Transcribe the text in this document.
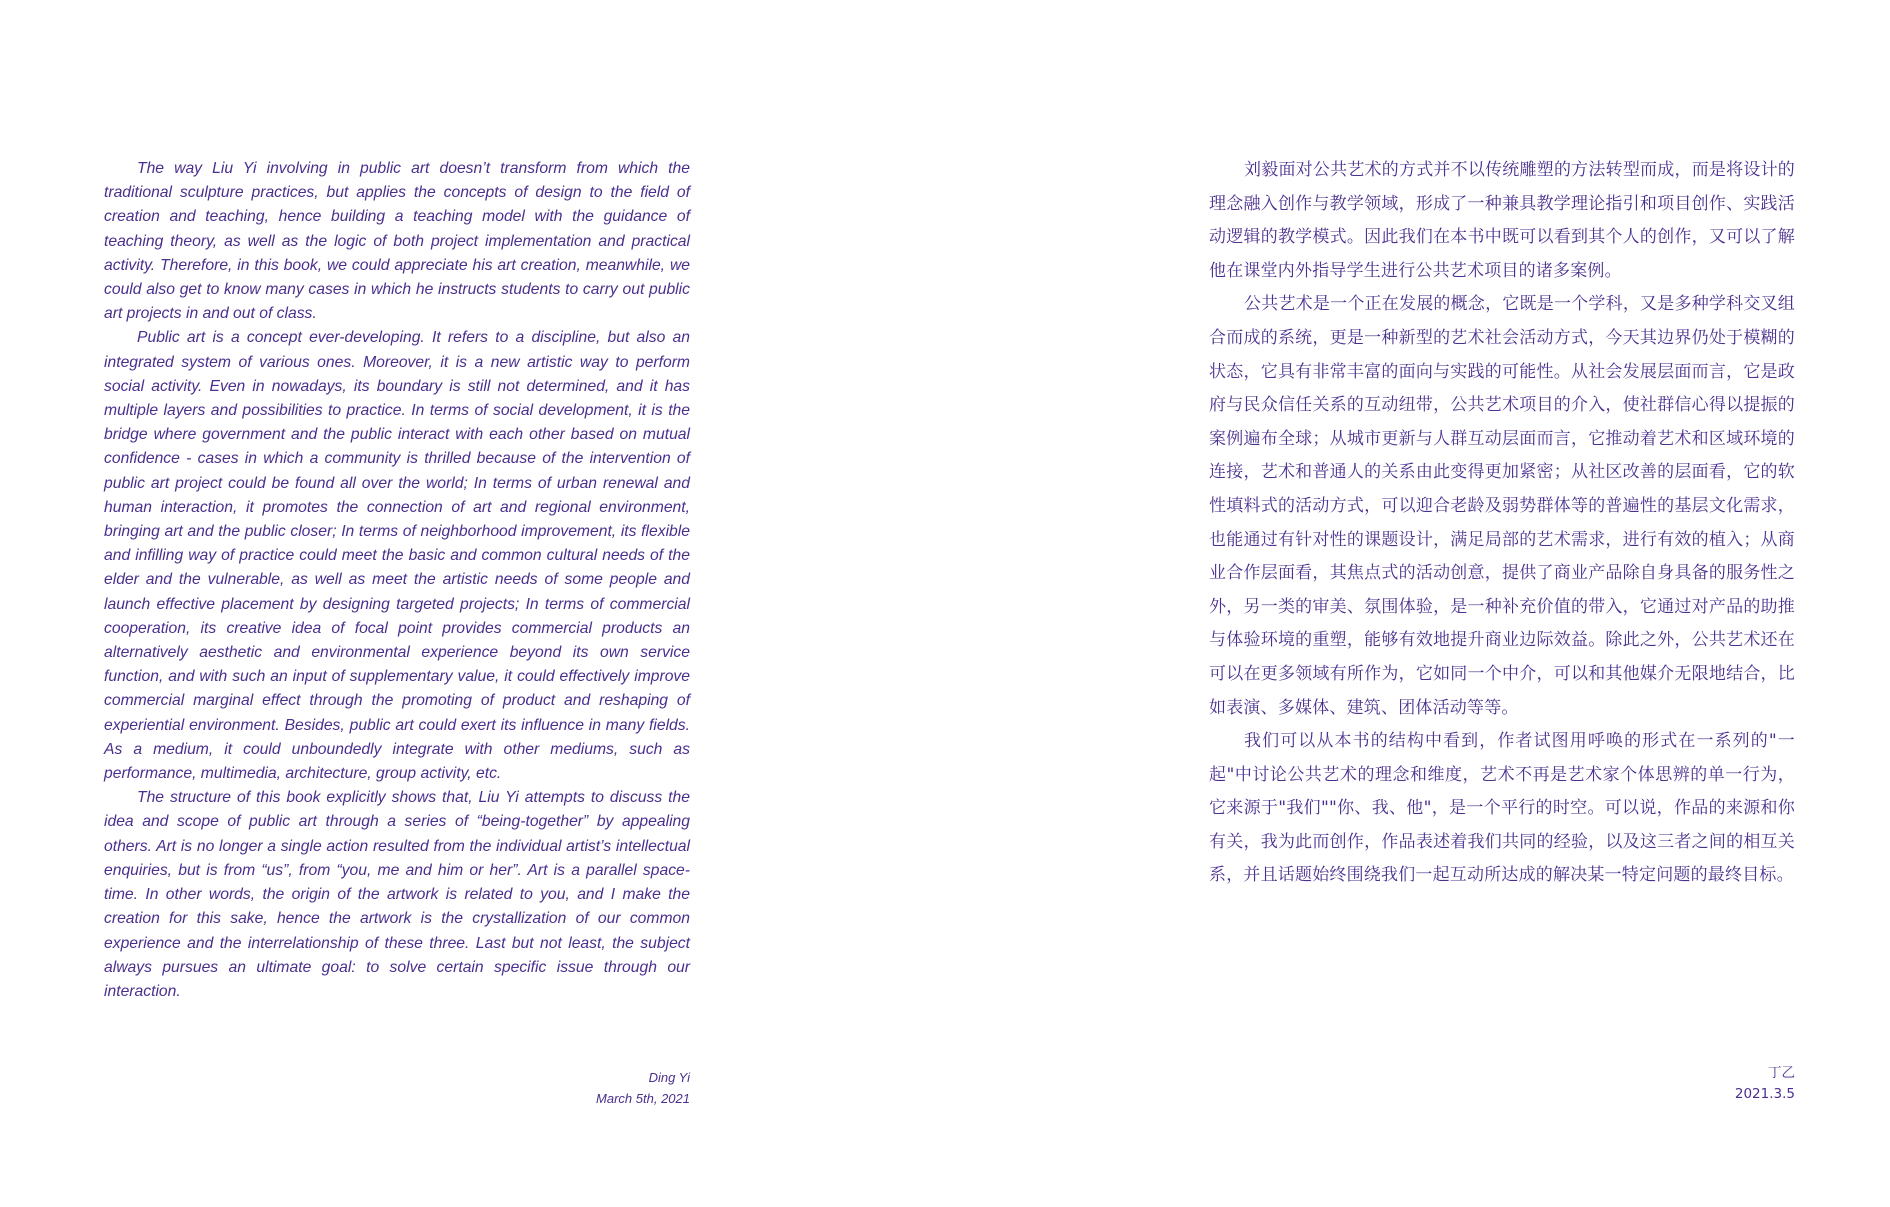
The way Liu Yi involving in public art doesn’t transform from which the traditional sculpture practices, but applies the concepts of design to the field of creation and teaching, hence building a teaching model with the guidance of teaching theory, as well as the logic of both project implementation and practical activity. Therefore, in this book, we could appreciate his art creation, meanwhile, we could also get to know many cases in which he instructs students to carry out public art projects in and out of class.

Public art is a concept ever-developing. It refers to a discipline, but also an integrated system of various ones. Moreover, it is a new artistic way to perform social activity. Even in nowadays, its boundary is still not determined, and it has multiple layers and possibilities to practice. In terms of social development, it is the bridge where government and the public interact with each other based on mutual confidence - cases in which a community is thrilled because of the intervention of public art project could be found all over the world; In terms of urban renewal and human interaction, it promotes the connection of art and regional environment, bringing art and the public closer; In terms of neighborhood improvement, its flexible and infilling way of practice could meet the basic and common cultural needs of the elder and the vulnerable, as well as meet the artistic needs of some people and launch effective placement by designing targeted projects; In terms of commercial cooperation, its creative idea of focal point provides commercial products an alternatively aesthetic and environmental experience beyond its own service function, and with such an input of supplementary value, it could effectively improve commercial marginal effect through the promoting of product and reshaping of experiential environment. Besides, public art could exert its influence in many fields. As a medium, it could unboundedly integrate with other mediums, such as performance, multimedia, architecture, group activity, etc.

The structure of this book explicitly shows that, Liu Yi attempts to discuss the idea and scope of public art through a series of “being-together” by appealing others. Art is no longer a single action resulted from the individual artist’s intellectual enquiries, but is from “us”, from “you, me and him or her”. Art is a parallel space-time. In other words, the origin of the artwork is related to you, and I make the creation for this sake, hence the artwork is the crystallization of our common experience and the interrelationship of these three. Last but not least, the subject always pursues an ultimate goal: to solve certain specific issue through our interaction.

Ding Yi
March 5th, 2021

刘毅面对公共艺术的方式并不以传统雕塑的方法转型而成，而是将设计的理念融入创作与教学领域，形成了一种兼具教学理论指引和项目创作、实践活动逻辑的教学模式。因此我们在本书中既可以看到其个人的创作，又可以了解他在课堂内外指导学生进行公共艺术项目的诸多案例。

公共艺术是一个正在发展的概念，它既是一个学科，又是多种学科交叉组合而成的系统，更是一种新型的艺术社会活动方式，今天其边界仍处于模糊的状态，它具有非常丰富的面向与实践的可能性。从社会发展层面而言，它是政府与民众信任关系的互动纽带，公共艺术项目的介入，使社群信心得以提振的案例遍布全球；从城市更新与人群互动层面而言，它推动着艺术和区域环境的连接，艺术和普通人的关系由此变得更加紧密；从社区改善的层面看，它的软性填料式的活动方式，可以迎合老龄及弱势群体等的普遍性的基层文化需求，也能通过有针对性的课题设计，满足局部的艺术需求，进行有效的植入；从商业合作层面看，其焦点式的活动创意，提供了商业产品除自身具备的服务性之外，另一类的审美、氛围体验，是一种补充价值的带入，它通过对产品的助推与体验环境的重塑，能够有效地提升商业边际效益。除此之外，公共艺术还在可以在更多领域有所作为，它如同一个中介，可以和其他媒介无限地结合，比如表演、多媒体、建筑、团体活动等等。

我们可以从本书的结构中看到，作者试图用呼唤的形式在一系列的"一起"中讨论公共艺术的理念和维度，艺术不再是艺术家个体思辨的单一行为，它来源于"我们""你、我、他"，是一个平行的时空。可以说，作品的来源和你有关，我为此而创作，作品表述着我们共同的经验，以及这三者之间的相互关系，并且话题始终围绕我们一起互动所达成的解决某一特定问题的最终目标。

丁乙
2021.3.5
